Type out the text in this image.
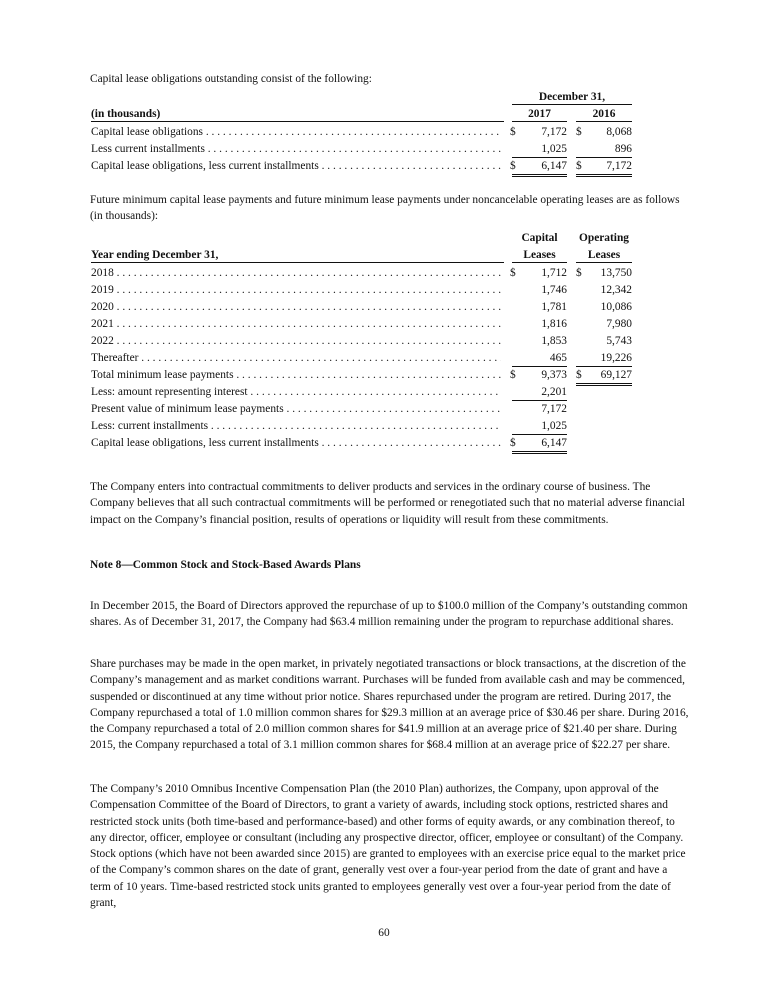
Capital lease obligations outstanding consist of the following:
December 31,
(in thousands)	2017	2016
Capital lease obligations . . .	$	7,172 $	8,068
Less current installments . . .	1,025	896
Capital lease obligations, less current installments . . .	$	6,147 $	7,172
Future minimum capital lease payments and future minimum lease payments under noncancelable operating leases are as follows (in thousands):
Capital	Operating
Year ending December 31,	Leases	Leases
2018 . . .	$	1,712 $	13,750
2019 . . .	1,746	12,342
2020 . . .	1,781	10,086
2021 . . .	1,816	7,980
2022 . . .	1,853	5,743
Thereafter . . .	465	19,226
Total minimum lease payments . . .	$	9,373 $	69,127
Less: amount representing interest . . .	2,201
Present value of minimum lease payments . . .	7,172
Less: current installments . . .	1,025
Capital lease obligations, less current installments . . .	$	6,147
The Company enters into contractual commitments to deliver products and services in the ordinary course of business. The Company believes that all such contractual commitments will be performed or renegotiated such that no material adverse financial impact on the Company’s financial position, results of operations or liquidity will result from these commitments.
Note 8—Common Stock and Stock-Based Awards Plans
In December 2015, the Board of Directors approved the repurchase of up to $100.0 million of the Company’s outstanding common shares. As of December 31, 2017, the Company had $63.4 million remaining under the program to repurchase additional shares.
Share purchases may be made in the open market, in privately negotiated transactions or block transactions, at the discretion of the Company’s management and as market conditions warrant. Purchases will be funded from available cash and may be commenced, suspended or discontinued at any time without prior notice. Shares repurchased under the program are retired. During 2017, the Company repurchased a total of 1.0 million common shares for $29.3 million at an average price of $30.46 per share. During 2016, the Company repurchased a total of 2.0 million common shares for $41.9 million at an average price of $21.40 per share. During 2015, the Company repurchased a total of 3.1 million common shares for $68.4 million at an average price of $22.27 per share.
The Company’s 2010 Omnibus Incentive Compensation Plan (the 2010 Plan) authorizes, the Company, upon approval of the Compensation Committee of the Board of Directors, to grant a variety of awards, including stock options, restricted shares and restricted stock units (both time-based and performance-based) and other forms of equity awards, or any combination thereof, to any director, officer, employee or consultant (including any prospective director, officer, employee or consultant) of the Company. Stock options (which have not been awarded since 2015) are granted to employees with an exercise price equal to the market price of the Company’s common shares on the date of grant, generally vest over a four-year period from the date of grant and have a term of 10 years. Time-based restricted stock units granted to employees generally vest over a four-year period from the date of grant,
60
